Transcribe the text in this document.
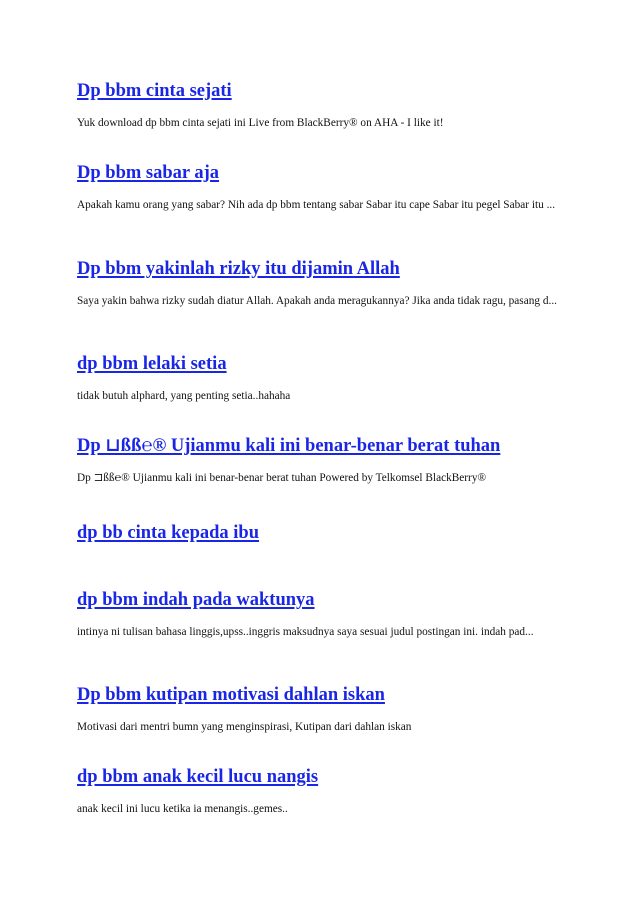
Dp bbm cinta sejati

Yuk download dp bbm cinta sejati ini Live from BlackBerry® on AHA - I like it!

Dp bbm sabar aja

Apakah kamu orang yang sabar? Nih ada dp bbm tentang sabar Sabar itu cape Sabar itu pegel Sabar itu ...

Dp bbm yakinlah rizky itu dijamin Allah

Saya yakin bahwa rizky sudah diatur Allah. Apakah anda meragukannya? Jika anda tidak ragu, pasang d...

dp bbm lelaki setia

tidak butuh alphard, yang penting setia..hahaha

Dp ⊔ßß℮® Ujianmu kali ini benar-benar berat tuhan

Dp ⊐ßß℮® Ujianmu kali ini benar-benar berat tuhan Powered by Telkomsel BlackBerry®

dp bb cinta kepada ibu
dp bbm indah pada waktunya

intinya ni tulisan bahasa linggis,upss..inggris maksudnya saya sesuai judul postingan ini. indah pad...

Dp bbm kutipan motivasi dahlan iskan

Motivasi dari mentri bumn yang menginspirasi, Kutipan dari dahlan iskan

dp bbm anak kecil lucu nangis

anak kecil ini lucu ketika ia menangis..gemes..
